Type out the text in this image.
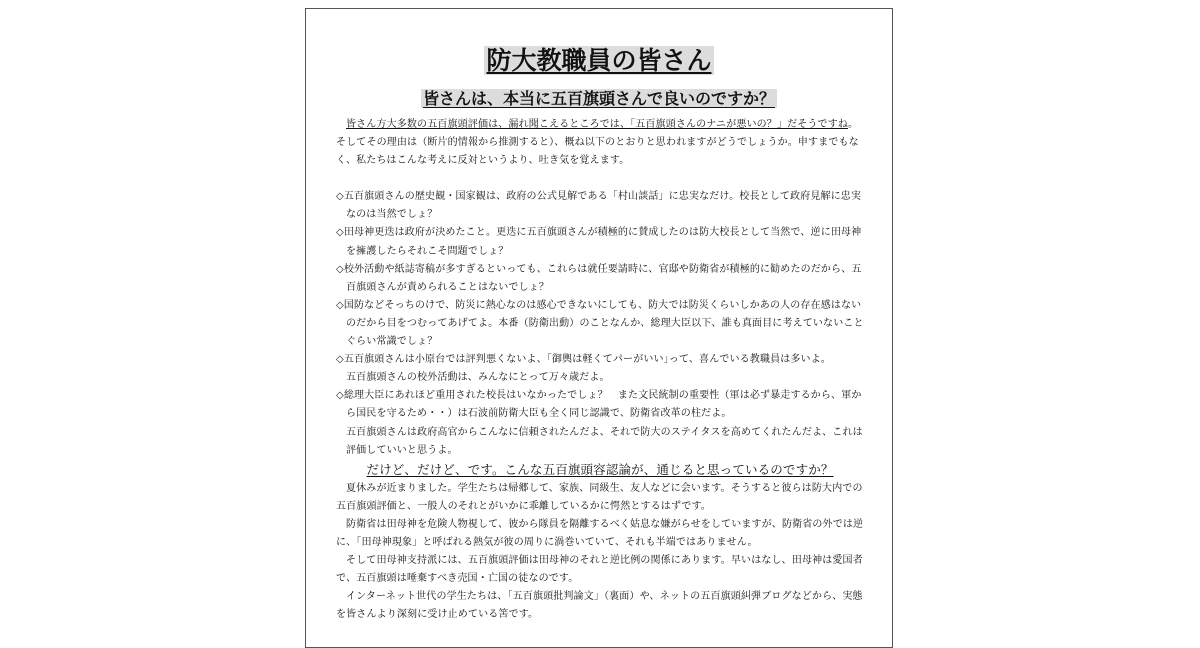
防大教職員の皆さん
皆さんは、本当に五百旗頭さんで良いのですか？

皆さん方大多数の五百旗頭評価は、漏れ聞こえるところでは、「五百旗頭さんのナニが悪いの？」だそうですね。そしてその理由は（断片的情報から推測すると）、概ね以下のとおりと思われますがどうでしょうか。申すまでもなく、私たちはこんな考えに反対というより、吐き気を覚えます。

◇五百旗頭さんの歴史観・国家観は、政府の公式見解である「村山談話」に忠実なだけ。校長として政府見解に忠実なのは当然でしょ？

◇田母神更迭は政府が決めたこと。更迭に五百旗頭さんが積極的に賛成したのは防大校長として当然で、逆に田母神を擁護したらそれこそ問題でしょ？

◇校外活動や紙誌寄稿が多すぎるといっても、これらは就任要請時に、官邸や防衛省が積極的に勧めたのだから、五百旗頭さんが責められることはないでしょ？

◇国防などそっちのけで、防災に熱心なのは感心できないにしても、防大では防災くらいしかあの人の存在感はないのだから目をつむってあげてよ。本番（防衛出動）のことなんか、総理大臣以下、誰も真面目に考えていないことぐらい常識でしょ？

◇五百旗頭さんは小原台では評判悪くないよ、｢御輿は軽くてパーがいい｣って、喜んでいる教職員は多いよ。

五百旗頭さんの校外活動は、みんなにとって万々歳だよ。

◇総理大臣にあれほど重用された校長はいなかったでしょ？　また文民統制の重要性（軍は必ず暴走するから、軍から国民を守るため・・）は石波前防衛大臣も全く同じ認識で、防衛省改革の柱だよ。

五百旗頭さんは政府高官からこんなに信頼されたんだよ、それで防大のステイタスを高めてくれたんだよ、これは評価していいと思うよ。

だけど、だけど、です。こんな五百旗頭容認論が、通じると思っているのですか？

夏休みが近まりました。学生たちは帰郷して、家族、同級生、友人などに会います。そうすると彼らは防大内での五百旗頭評価と、一般人のそれとがいかに乖離しているかに愕然とするはずです。

防衛省は田母神を危険人物視して、彼から隊員を隔離するべく姑息な嫌がらせをしていますが、防衛省の外では逆に、「田母神現象」と呼ばれる熱気が彼の周りに渦巻いていて、それも半端ではありません。

そして田母神支持派には、五百旗頭評価は田母神のそれと逆比例の関係にあります。早いはなし、田母神は愛国者で、五百旗頭は唾棄すべき売国・亡国の徒なのです。

インターネット世代の学生たちは、「五百旗頭批判論文」（裏面）や、ネットの五百旗頭糾弾ブログなどから、実態を皆さんより深刻に受け止めている筈です。
